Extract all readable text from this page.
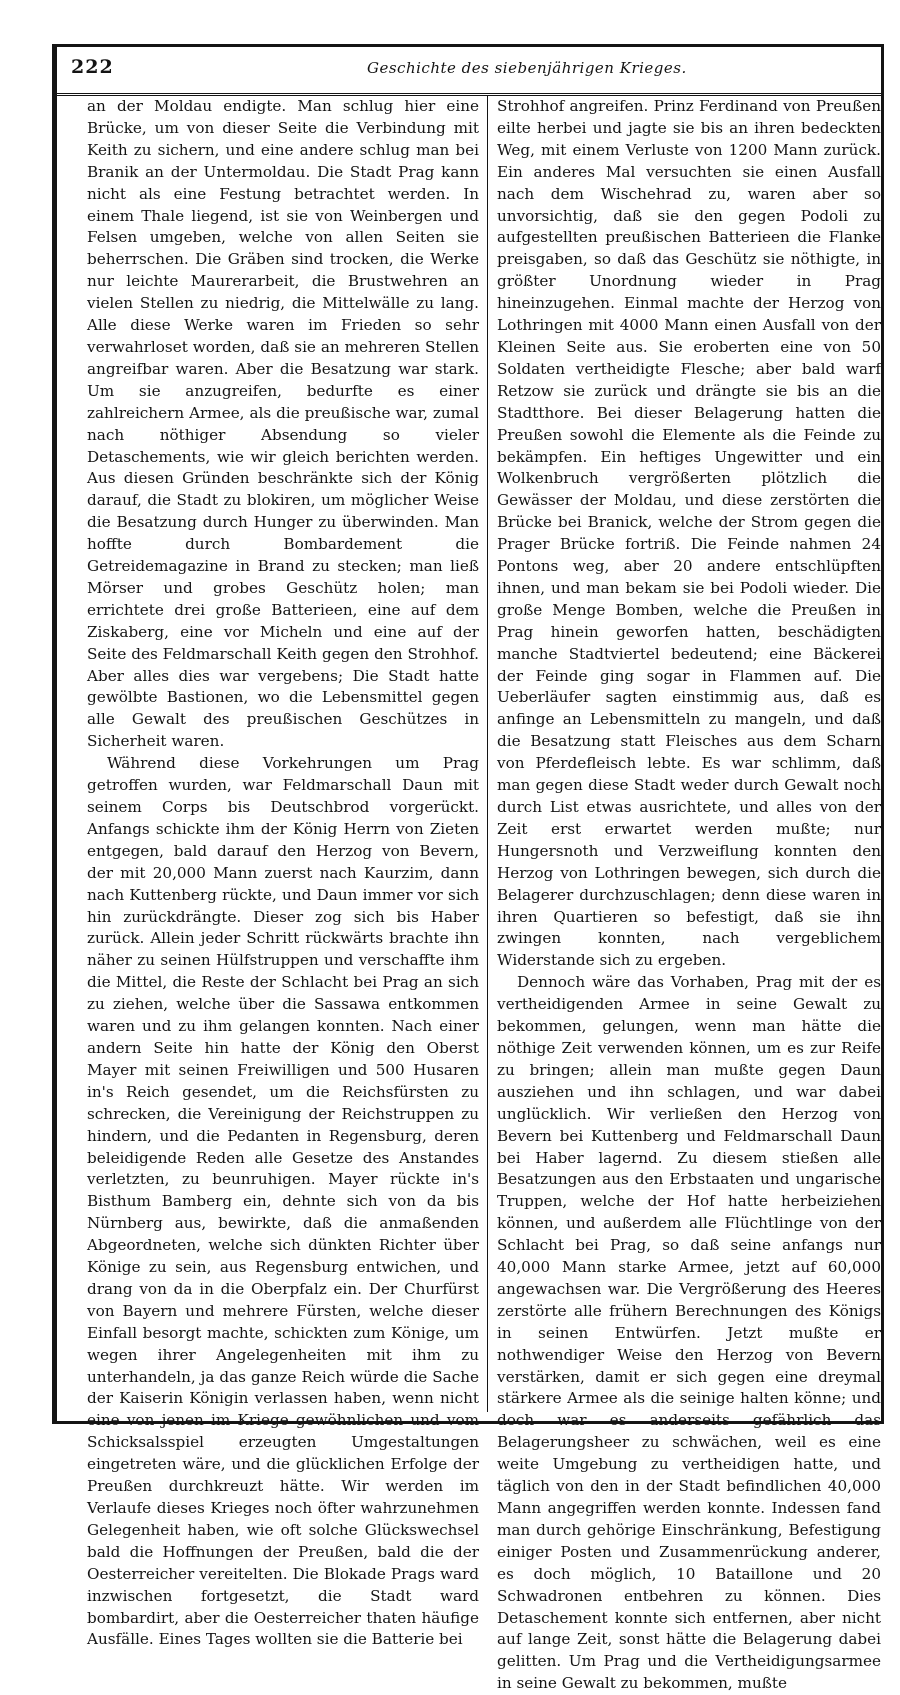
222	Geschichte des siebenjährigen Krieges.

an der Moldau endigte. Man schlug hier eine Brücke, um von dieser Seite die Verbindung mit Keith zu sichern, und eine andere schlug man bei Branik an der Untermoldau. Die Stadt Prag kann nicht als eine Festung betrachtet werden. In einem Thale liegend, ist sie von Weinbergen und Felsen umgeben, welche von allen Seiten sie beherrschen. Die Gräben sind trocken, die Werke nur leichte Maurerarbeit, die Brustwehren an vielen Stellen zu niedrig, die Mittelwälle zu lang. Alle diese Werke waren im Frieden so sehr verwahrloset worden, daß sie an mehreren Stellen angreifbar waren. Aber die Besatzung war stark. Um sie anzugreifen, bedurfte es einer zahlreichern Armee, als die preußische war, zumal nach nöthiger Absendung so vieler Detaschements, wie wir gleich berichten werden. Aus diesen Gründen beschränkte sich der König darauf, die Stadt zu blokiren, um möglicher Weise die Besatzung durch Hunger zu überwinden. Man hoffte durch Bombardement die Getreidemagazine in Brand zu stecken; man ließ Mörser und grobes Geschütz holen; man errichtete drei große Batterieen, eine auf dem Ziskaberg, eine vor Micheln und eine auf der Seite des Feldmarschall Keith gegen den Strohhof. Aber alles dies war vergebens; Die Stadt hatte gewölbte Bastionen, wo die Lebensmittel gegen alle Gewalt des preußischen Geschützes in Sicherheit waren.

Während diese Vorkehrungen um Prag getroffen wurden, war Feldmarschall Daun mit seinem Corps bis Deutschbrod vorgerückt. Anfangs schickte ihm der König Herrn von Zieten entgegen, bald darauf den Herzog von Bevern, der mit 20,000 Mann zuerst nach Kaurzim, dann nach Kuttenberg rückte, und Daun immer vor sich hin zurückdrängte. Dieser zog sich bis Haber zurück. Allein jeder Schritt rückwärts brachte ihn näher zu seinen Hülfstruppen und verschaffte ihm die Mittel, die Reste der Schlacht bei Prag an sich zu ziehen, welche über die Sassawa entkommen waren und zu ihm gelangen konnten. Nach einer andern Seite hin hatte der König den Oberst Mayer mit seinen Freiwilligen und 500 Husaren in's Reich gesendet, um die Reichsfürsten zu schrecken, die Vereinigung der Reichstruppen zu hindern, und die Pedanten in Regensburg, deren beleidigende Reden alle Gesetze des Anstandes verletzten, zu beunruhigen. Mayer rückte in's Bisthum Bamberg ein, dehnte sich von da bis Nürnberg aus, bewirkte, daß die anmaßenden Abgeordneten, welche sich dünkten Richter über Könige zu sein, aus Regensburg entwichen, und drang von da in die Oberpfalz ein. Der Churfürst von Bayern und mehrere Fürsten, welche dieser Einfall besorgt machte, schickten zum Könige, um wegen ihrer Angelegenheiten mit ihm zu unterhandeln, ja das ganze Reich würde die Sache der Kaiserin Königin verlassen haben, wenn nicht eine von jenen im Kriege gewöhnlichen und vom Schicksalsspiel erzeugten Umgestaltungen eingetreten wäre, und die glücklichen Erfolge der Preußen durchkreuzt hätte. Wir werden im Verlaufe dieses Krieges noch öfter wahrzunehmen Gelegenheit haben, wie oft solche Glückswechsel bald die Hoffnungen der Preußen, bald die der Oesterreicher vereitelten. Die Blokade Prags ward inzwischen fortgesetzt, die Stadt ward bombardirt, aber die Oesterreicher thaten häufige Ausfälle. Eines Tages wollten sie die Batterie bei

Strohhof angreifen. Prinz Ferdinand von Preußen eilte herbei und jagte sie bis an ihren bedeckten Weg, mit einem Verluste von 1200 Mann zurück. Ein anderes Mal versuchten sie einen Ausfall nach dem Wischehrad zu, waren aber so unvorsichtig, daß sie den gegen Podoli zu aufgestellten preußischen Batterieen die Flanke preisgaben, so daß das Geschütz sie nöthigte, in größter Unordnung wieder in Prag hineinzugehen. Einmal machte der Herzog von Lothringen mit 4000 Mann einen Ausfall von der Kleinen Seite aus. Sie eroberten eine von 50 Soldaten vertheidigte Flesche; aber bald warf Retzow sie zurück und drängte sie bis an die Stadtthore. Bei dieser Belagerung hatten die Preußen sowohl die Elemente als die Feinde zu bekämpfen. Ein heftiges Ungewitter und ein Wolkenbruch vergrößerten plötzlich die Gewässer der Moldau, und diese zerstörten die Brücke bei Branick, welche der Strom gegen die Prager Brücke fortriß. Die Feinde nahmen 24 Pontons weg, aber 20 andere entschlüpften ihnen, und man bekam sie bei Podoli wieder. Die große Menge Bomben, welche die Preußen in Prag hinein geworfen hatten, beschädigten manche Stadtviertel bedeutend; eine Bäckerei der Feinde ging sogar in Flammen auf. Die Ueberläufer sagten einstimmig aus, daß es anfinge an Lebensmitteln zu mangeln, und daß die Besatzung statt Fleisches aus dem Scharn von Pferdefleisch lebte. Es war schlimm, daß man gegen diese Stadt weder durch Gewalt noch durch List etwas ausrichtete, und alles von der Zeit erst erwartet werden mußte; nur Hungersnoth und Verzweiflung konnten den Herzog von Lothringen bewegen, sich durch die Belagerer durchzuschlagen; denn diese waren in ihren Quartieren so befestigt, daß sie ihn zwingen konnten, nach vergeblichem Widerstande sich zu ergeben.

Dennoch wäre das Vorhaben, Prag mit der es vertheidigenden Armee in seine Gewalt zu bekommen, gelungen, wenn man hätte die nöthige Zeit verwenden können, um es zur Reife zu bringen; allein man mußte gegen Daun ausziehen und ihn schlagen, und war dabei unglücklich. Wir verließen den Herzog von Bevern bei Kuttenberg und Feldmarschall Daun bei Haber lagernd. Zu diesem stießen alle Besatzungen aus den Erbstaaten und ungarische Truppen, welche der Hof hatte herbeiziehen können, und außerdem alle Flüchtlinge von der Schlacht bei Prag, so daß seine anfangs nur 40,000 Mann starke Armee, jetzt auf 60,000 angewachsen war. Die Vergrößerung des Heeres zerstörte alle frühern Berechnungen des Königs in seinen Entwürfen. Jetzt mußte er nothwendiger Weise den Herzog von Bevern verstärken, damit er sich gegen eine dreymal stärkere Armee als die seinige halten könne; und doch war es anderseits gefährlich das Belagerungsheer zu schwächen, weil es eine weite Umgebung zu vertheidigen hatte, und täglich von den in der Stadt befindlichen 40,000 Mann angegriffen werden konnte. Indessen fand man durch gehörige Einschränkung, Befestigung einiger Posten und Zusammenrückung anderer, es doch möglich, 10 Bataillone und 20 Schwadronen entbehren zu können. Dies Detaschement konnte sich entfernen, aber nicht auf lange Zeit, sonst hätte die Belagerung dabei gelitten. Um Prag und die Vertheidigungsarmee in seine Gewalt zu bekommen, mußte
